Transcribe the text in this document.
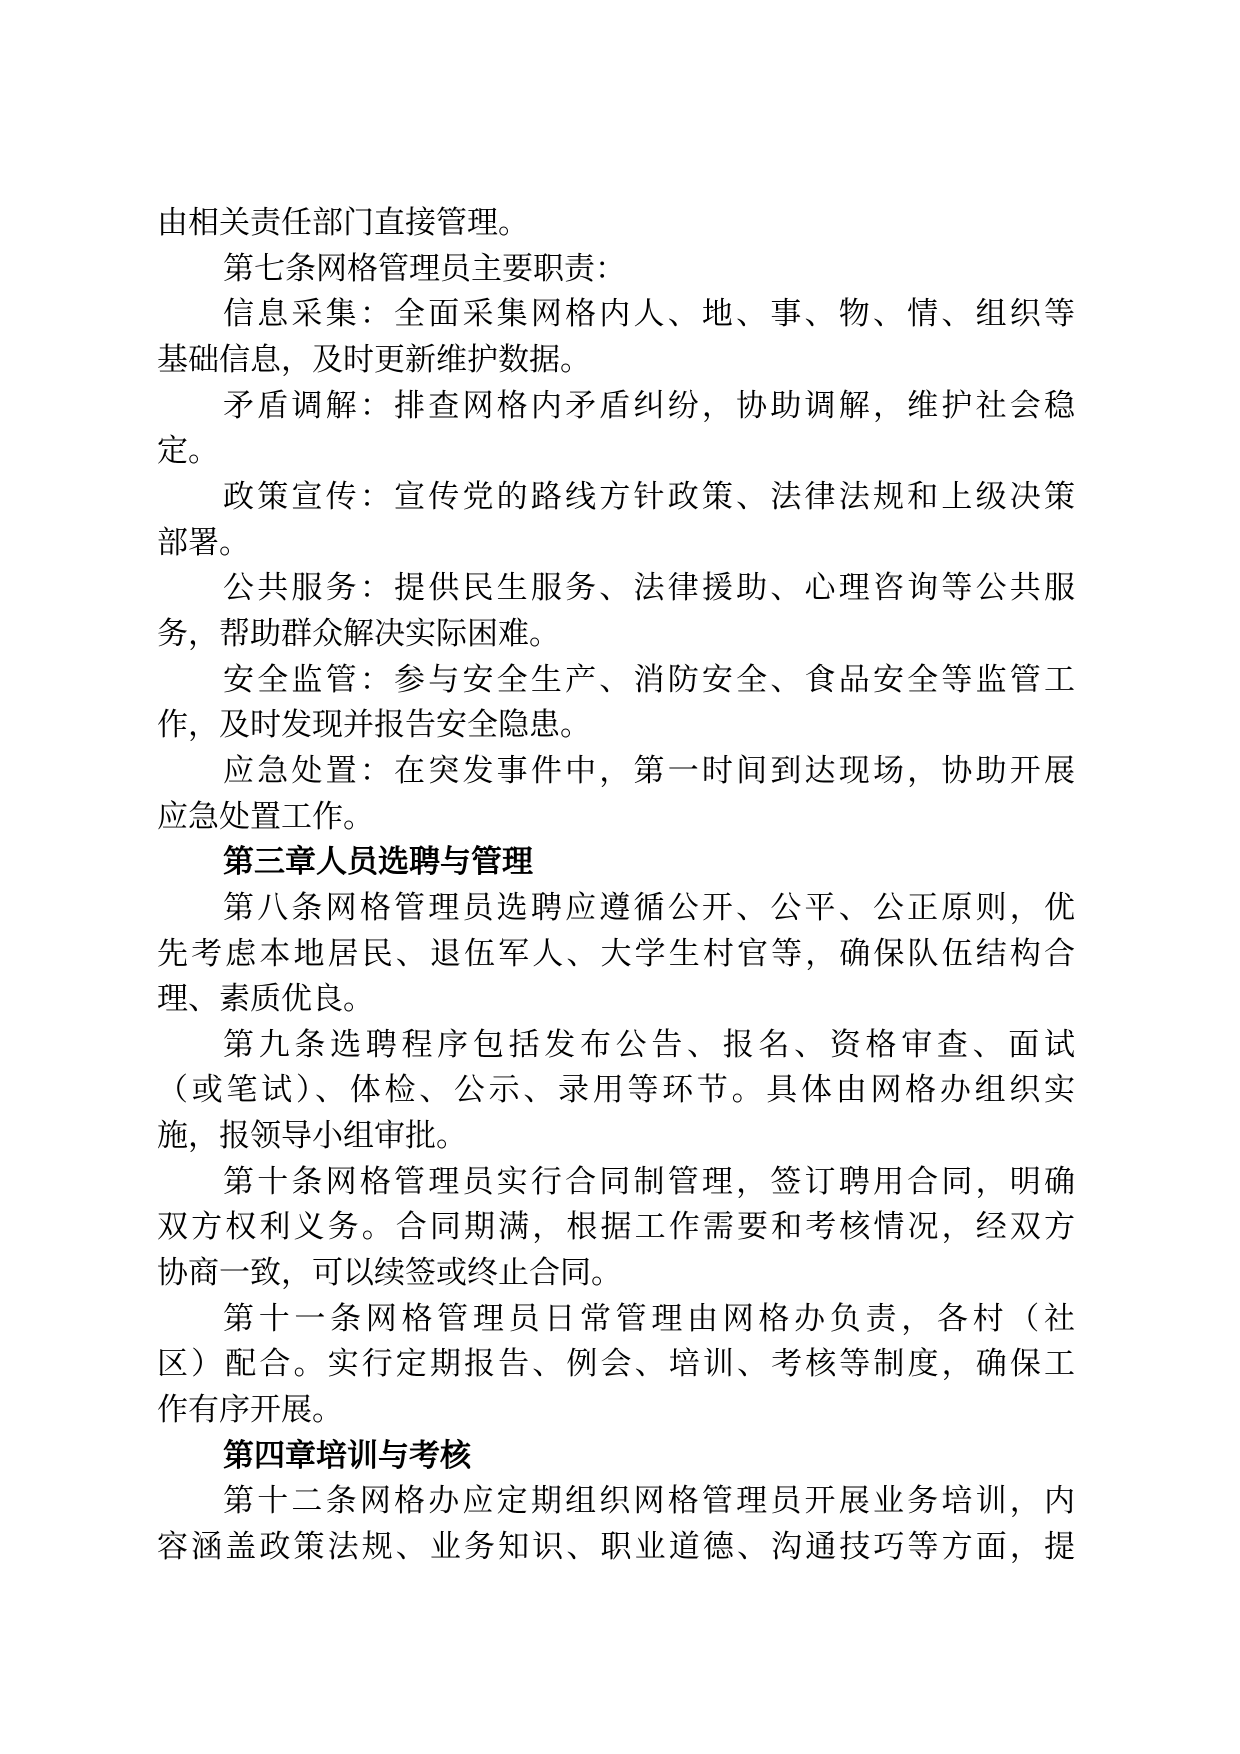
由相关责任部门直接管理。
第七条网格管理员主要职责：
信息采集：全面采集网格内人、地、事、物、情、组织等
基础信息，及时更新维护数据。
矛盾调解：排查网格内矛盾纠纷，协助调解，维护社会稳
定。
政策宣传：宣传党的路线方针政策、法律法规和上级决策
部署。
公共服务：提供民生服务、法律援助、心理咨询等公共服
务，帮助群众解决实际困难。
安全监管：参与安全生产、消防安全、食品安全等监管工
作，及时发现并报告安全隐患。
应急处置：在突发事件中，第一时间到达现场，协助开展
应急处置工作。
第三章人员选聘与管理
第八条网格管理员选聘应遵循公开、公平、公正原则，优
先考虑本地居民、退伍军人、大学生村官等，确保队伍结构合
理、素质优良。
第九条选聘程序包括发布公告、报名、资格审查、面试
（或笔试）、体检、公示、录用等环节。具体由网格办组织实
施，报领导小组审批。
第十条网格管理员实行合同制管理，签订聘用合同，明确
双方权利义务。合同期满，根据工作需要和考核情况，经双方
协商一致，可以续签或终止合同。
第十一条网格管理员日常管理由网格办负责，各村（社
区）配合。实行定期报告、例会、培训、考核等制度，确保工
作有序开展。
第四章培训与考核
第十二条网格办应定期组织网格管理员开展业务培训，内
容涵盖政策法规、业务知识、职业道德、沟通技巧等方面，提
